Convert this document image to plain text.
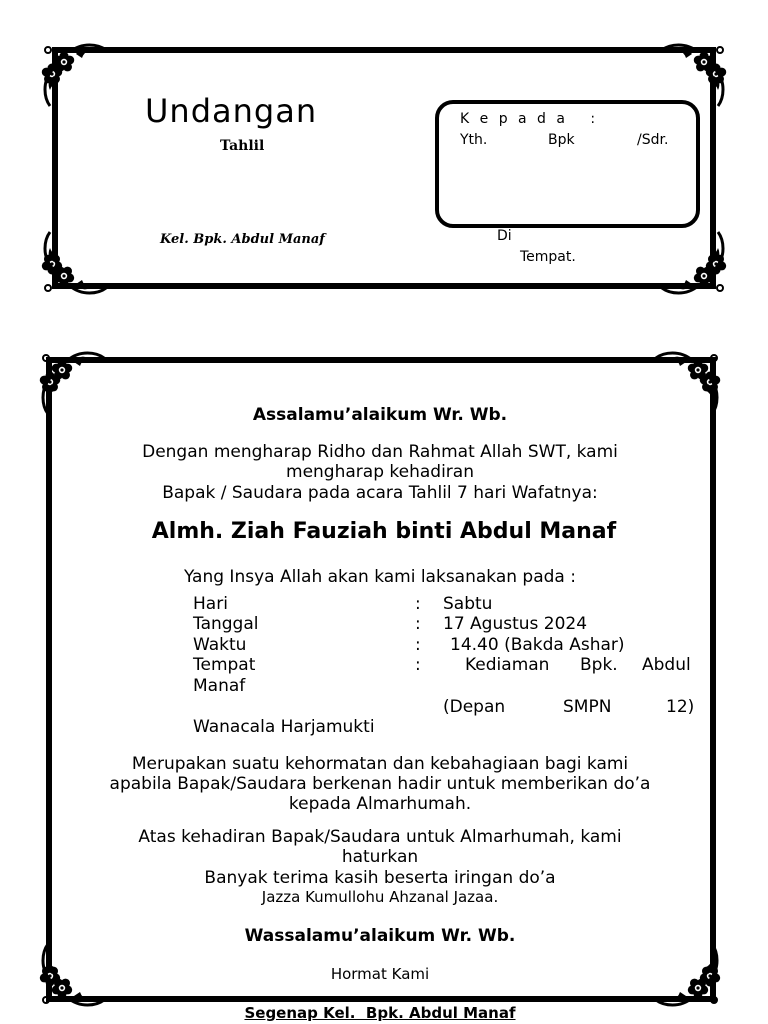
Undangan
Tahlil
Kel. Bpk. Abdul Manaf
K e p a d a   :
Yth.	Bpk	/Sdr.
Di
Tempat.
Assalamu’alaikum Wr. Wb.
Dengan mengharap Ridho dan Rahmat Allah SWT, kami
mengharap kehadiran
Bapak / Saudara pada acara Tahlil 7 hari Wafatnya:
Almh. Ziah Fauziah binti Abdul Manaf
Yang Insya Allah akan kami laksanakan pada :
Hari	: Sabtu
Tanggal	: 17 Agustus 2024
Waktu	: 14.40 (Bakda Ashar)
Tempat	:	Kediaman Bpk. Abdul
Manaf
(Depan	SMPN	12)
Wanacala Harjamukti
Merupakan suatu kehormatan dan kebahagiaan bagi kami
apabila Bapak/Saudara berkenan hadir untuk memberikan do’a
kepada Almarhumah.
Atas kehadiran Bapak/Saudara untuk Almarhumah, kami
haturkan
Banyak terima kasih beserta iringan do’a
Jazza Kumullohu Ahzanal Jazaa.
Wassalamu’alaikum Wr. Wb.
Hormat Kami
Segenap Kel.  Bpk. Abdul Manaf
